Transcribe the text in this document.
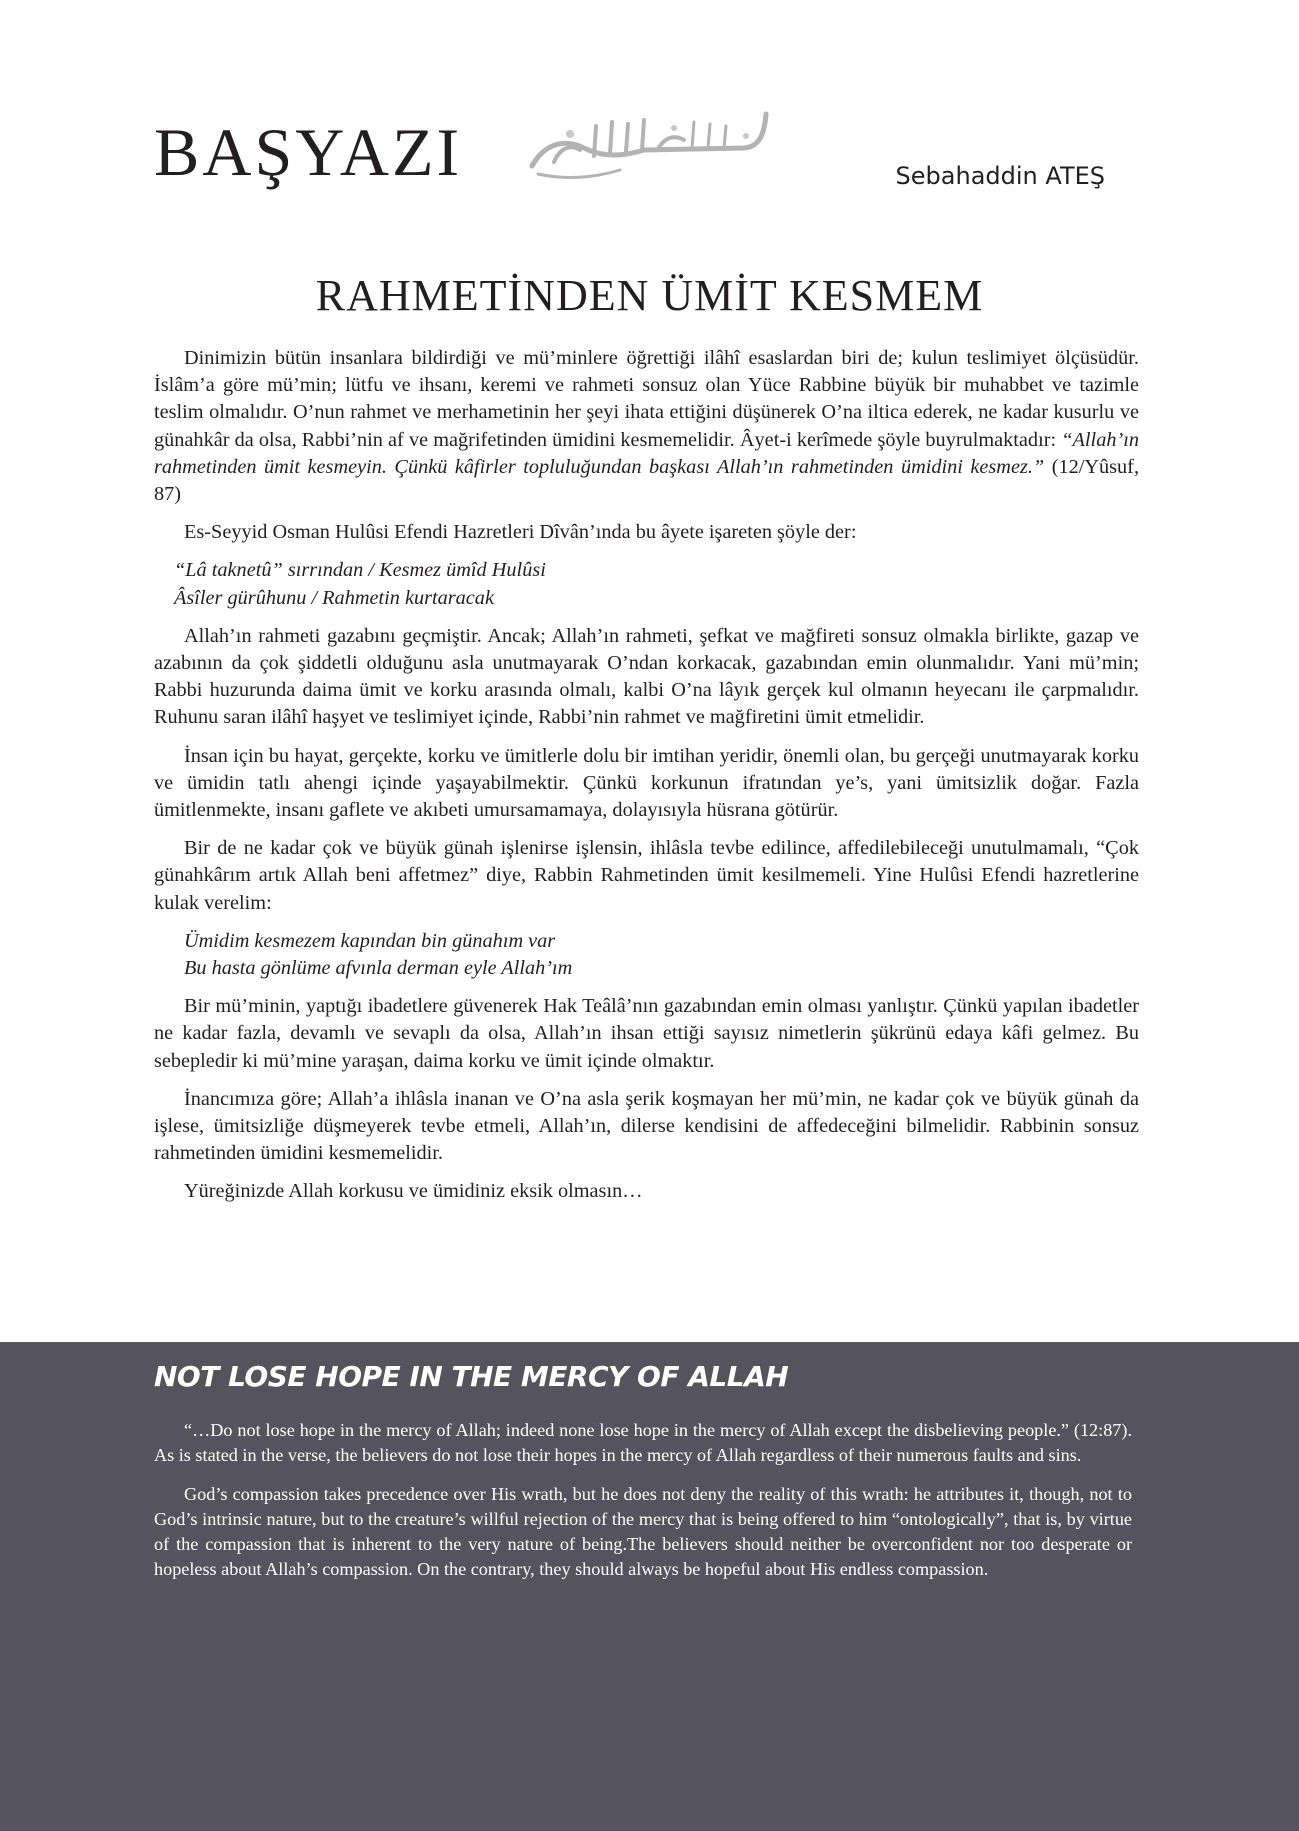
BAŞYAZI	Sebahaddin ATEŞ
RAHMETİNDEN ÜMİT KESMEM

Dinimizin bütün insanlara bildirdiği ve mü’minlere öğrettiği ilâhî esaslardan biri de; kulun teslimiyet ölçüsüdür. İslâm’a göre mü’min; lütfu ve ihsanı, keremi ve rahmeti sonsuz olan Yüce Rabbine büyük bir muhabbet ve tazimle teslim olmalıdır. O’nun rahmet ve merhametinin her şeyi ihata ettiğini düşünerek O’na iltica ederek, ne kadar kusurlu ve günahkâr da olsa, Rabbi’nin af ve mağrifetinden ümidini kesmemelidir. Âyet-i kerîmede şöyle buyrulmaktadır: “Allah’ın rahmetinden ümit kesmeyin. Çünkü kâfirler topluluğundan başkası Allah’ın rahmetinden ümidini kesmez.” (12/Yûsuf, 87)

Es-Seyyid Osman Hulûsi Efendi Hazretleri Dîvân’ında bu âyete işareten şöyle der:

“Lâ taknetû” sırrından / Kesmez ümîd Hulûsi
Âsîler gürûhunu / Rahmetin kurtaracak

Allah’ın rahmeti gazabını geçmiştir. Ancak; Allah’ın rahmeti, şefkat ve mağfireti sonsuz olmakla birlikte, gazap ve azabının da çok şiddetli olduğunu asla unutmayarak O’ndan korkacak, gazabından emin olunmalıdır. Yani mü’min; Rabbi huzurunda daima ümit ve korku arasında olmalı, kalbi O’na lâyık gerçek kul olmanın heyecanı ile çarpmalıdır. Ruhunu saran ilâhî haşyet ve teslimiyet içinde, Rabbi’nin rahmet ve mağfiretini ümit etmelidir.

İnsan için bu hayat, gerçekte, korku ve ümitlerle dolu bir imtihan yeridir, önemli olan, bu gerçeği unutmayarak korku ve ümidin tatlı ahengi içinde yaşayabilmektir. Çünkü korkunun ifratından ye’s, yani ümitsizlik doğar. Fazla ümitlenmekte, insanı gaflete ve akıbeti umursamamaya, dolayısıyla hüsrana götürür.

Bir de ne kadar çok ve büyük günah işlenirse işlensin, ihlâsla tevbe edilince, affedilebileceği unutulmamalı, “Çok günahkârım artık Allah beni affetmez” diye, Rabbin Rahmetinden ümit kesilmemeli. Yine Hulûsi Efendi hazretlerine kulak verelim:

Ümidim kesmezem kapından bin günahım var
Bu hasta gönlüme afvınla derman eyle Allah’ım

Bir mü’minin, yaptığı ibadetlere güvenerek Hak Teâlâ’nın gazabından emin olması yanlıştır. Çünkü yapılan ibadetler ne kadar fazla, devamlı ve sevaplı da olsa, Allah’ın ihsan ettiği sayısız nimetlerin şükrünü edaya kâfi gelmez. Bu sebepledir ki mü’mine yaraşan, daima korku ve ümit içinde olmaktır.

İnancımıza göre; Allah’a ihlâsla inanan ve O’na asla şerik koşmayan her mü’min, ne kadar çok ve büyük günah da işlese, ümitsizliğe düşmeyerek tevbe etmeli, Allah’ın, dilerse kendisini de affedeceğini bilmelidir. Rabbinin sonsuz rahmetinden ümidini kesmemelidir.

Yüreğinizde Allah korkusu ve ümidiniz eksik olmasın…

NOT LOSE HOPE IN THE MERCY OF ALLAH

“…Do not lose hope in the mercy of Allah; indeed none lose hope in the mercy of Allah except the disbelieving people.” (12:87). As is stated in the verse, the believers do not lose their hopes in the mercy of Allah regardless of their numerous faults and sins.

God’s compassion takes precedence over His wrath, but he does not deny the reality of this wrath: he attributes it, though, not to God’s intrinsic nature, but to the creature’s willful rejection of the mercy that is being offered to him “ontologically”, that is, by virtue of the compassion that is inherent to the very nature of being.The believers should neither be overconfident nor too desperate or hopeless about Allah’s compassion. On the contrary, they should always be hopeful about His endless compassion.
